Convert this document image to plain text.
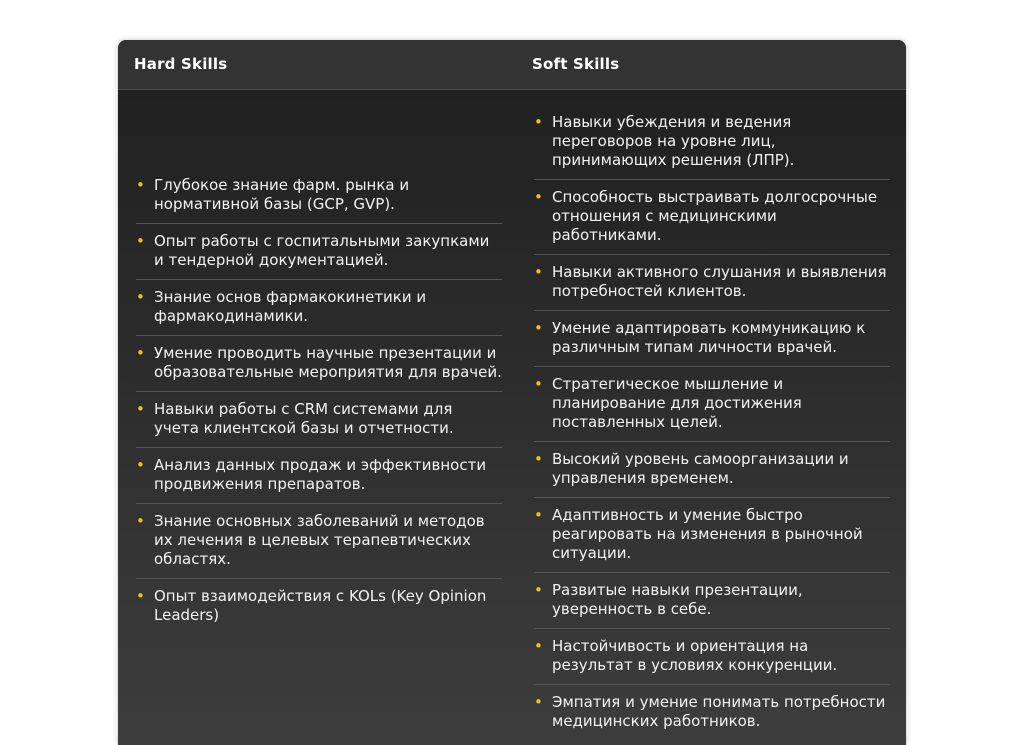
Hard Skills	Soft Skills
• Глубокое знание фарм. рынка и нормативной базы (GCP, GVP).
• Опыт работы с госпитальными закупками и тендерной документацией.
• Знание основ фармакокинетики и фармакодинамики.
• Умение проводить научные презентации и образовательные мероприятия для врачей.
• Навыки работы с CRM системами для учета клиентской базы и отчетности.
• Анализ данных продаж и эффективности продвижения препаратов.
• Знание основных заболеваний и методов их лечения в целевых терапевтических областях.
• Опыт взаимодействия с KOLs (Key Opinion Leaders)
• Навыки убеждения и ведения переговоров на уровне лиц, принимающих решения (ЛПР).
• Способность выстраивать долгосрочные отношения с медицинскими работниками.
• Навыки активного слушания и выявления потребностей клиентов.
• Умение адаптировать коммуникацию к различным типам личности врачей.
• Стратегическое мышление и планирование для достижения поставленных целей.
• Высокий уровень самоорганизации и управления временем.
• Адаптивность и умение быстро реагировать на изменения в рыночной ситуации.
• Развитые навыки презентации, уверенность в себе.
• Настойчивость и ориентация на результат в условиях конкуренции.
• Эмпатия и умение понимать потребности медицинских работников.
